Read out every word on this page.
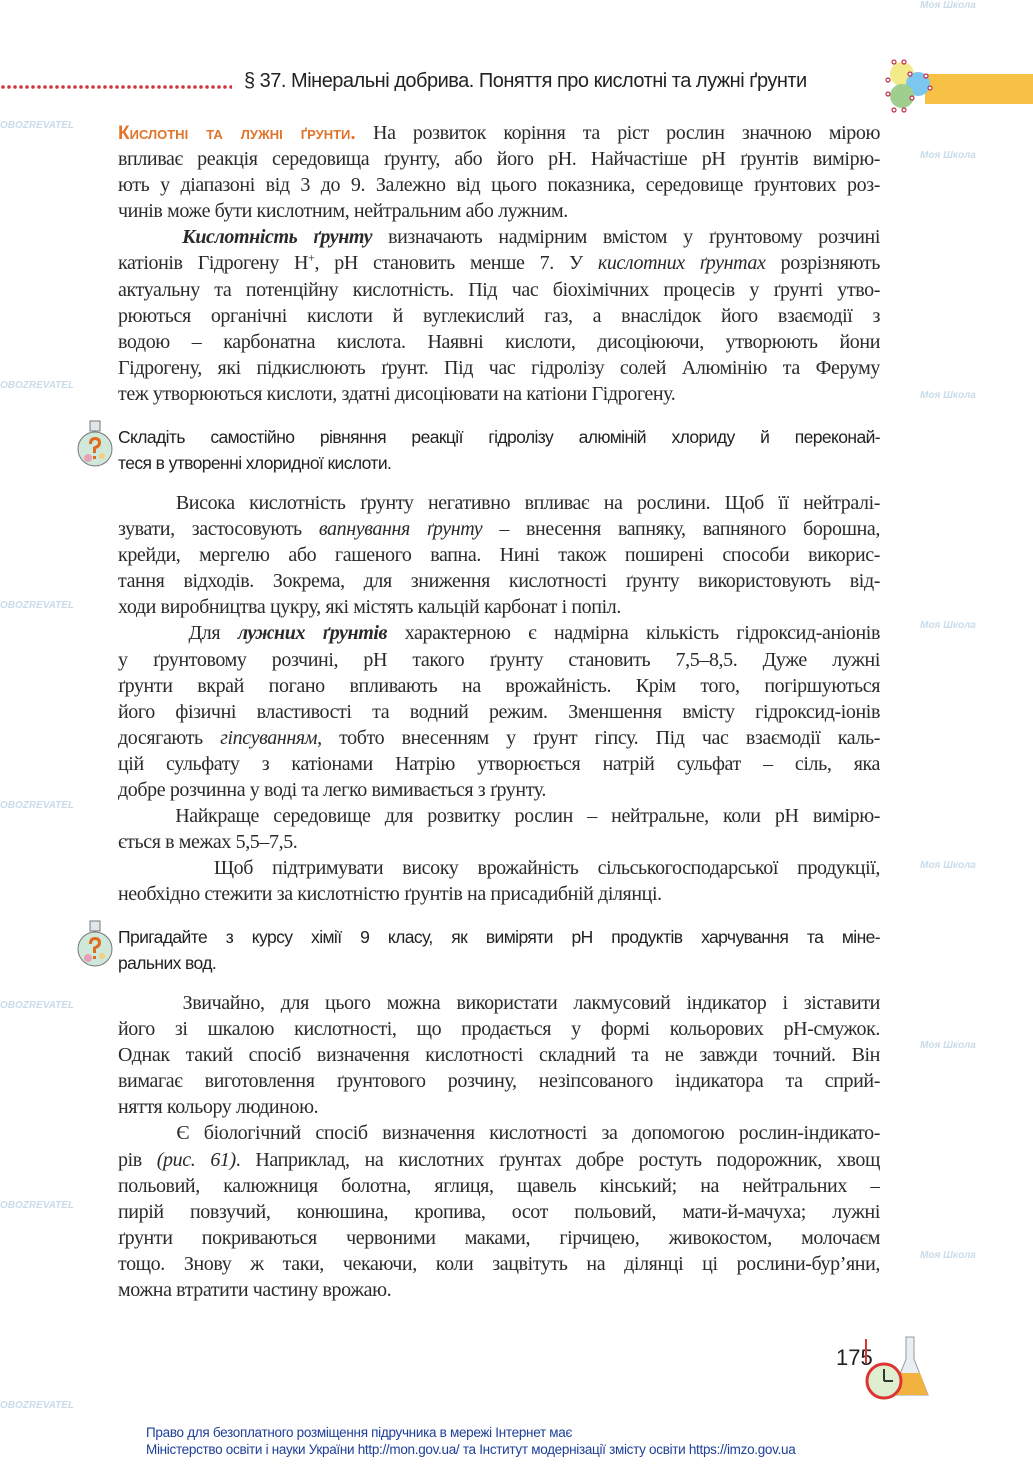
§ 37. Мінеральні добрива. Поняття про кислотні та лужні ґрунти
Кислотні та лужні ґрунти. На розвиток коріння та ріст рослин значною мірою
впливає реакція середовища ґрунту, або його pH. Найчастіше pH ґрунтів вимірю-
ють у діапазоні від 3 до 9. Залежно від цього показника, середовище ґрунтових роз-
чинів може бути кислотним, нейтральним або лужним.
Кислотність ґрунту визначають надмірним вмістом у ґрунтовому розчині
катіонів Гідрогену H+, pH становить менше 7. У кислотних ґрунтах розрізняють
актуальну та потенційну кислотність. Під час біохімічних процесів у ґрунті утво-
рюються органічні кислоти й вуглекислий газ, а внаслідок його взаємодії з
водою – карбонатна кислота. Наявні кислоти, дисоціюючи, утворюють йони
Гідрогену, які підкислюють ґрунт. Під час гідролізу солей Алюмінію та Феруму
теж утворюються кислоти, здатні дисоціювати на катіони Гідрогену.
Складіть самостійно рівняння реакції гідролізу алюміній хлориду й переконай-
теся в утворенні хлоридної кислоти.
Висока кислотність ґрунту негативно впливає на рослини. Щоб її нейтралі-
зувати, застосовують вапнування ґрунту – внесення вапняку, вапняного борошна,
крейди, мергелю або гашеного вапна. Нині також поширені способи викорис-
тання відходів. Зокрема, для зниження кислотності ґрунту використовують від-
ходи виробництва цукру, які містять кальцій карбонат і попіл.
Для лужних ґрунтів характерною є надмірна кількість гідроксид-аніонів
у ґрунтовому розчині, pH такого ґрунту становить 7,5–8,5. Дуже лужні
ґрунти вкрай погано впливають на врожайність. Крім того, погіршуються
його фізичні властивості та водний режим. Зменшення вмісту гідроксид-іонів
досягають гіпсуванням, тобто внесенням у ґрунт гіпсу. Під час взаємодії каль-
цій сульфату з катіонами Натрію утворюється натрій сульфат – сіль, яка
добре розчинна у воді та легко вимивається з ґрунту.
Найкраще середовище для розвитку рослин – нейтральне, коли pH вимірю-
ється в межах 5,5–7,5.
Щоб підтримувати високу врожайність сільськогосподарської продукції,
необхідно стежити за кислотністю ґрунтів на присадибній ділянці.
Пригадайте з курсу хімії 9 класу, як виміряти pH продуктів харчування та міне-
ральних вод.
Звичайно, для цього можна використати лакмусовий індикатор і зіставити
його зі шкалою кислотності, що продається у формі кольорових pH-смужок.
Однак такий спосіб визначення кислотності складний та не завжди точний. Він
вимагає виготовлення ґрунтового розчину, незіпсованого індикатора та сприй-
няття кольору людиною.
Є біологічний спосіб визначення кислотності за допомогою рослин-індикато-
рів (рис. 61). Наприклад, на кислотних ґрунтах добре ростуть подорожник, хвощ
польовий, калюжниця болотна, яглиця, щавель кінський; на нейтральних –
пирій повзучий, конюшина, кропива, осот польовий, мати-й-мачуха; лужні
ґрунти покриваються червоними маками, гірчицею, живокостом, молочаєм
тощо. Знову ж таки, чекаючи, коли зацвітуть на ділянці ці рослини-бур’яни,
можна втратити частину врожаю.
175
Право для безоплатного розміщення підручника в мережі Інтернет має
Міністерство освіти і науки України http://mon.gov.ua/ та Інститут модернізації змісту освіти https://imzo.gov.ua
Моя Школа
OBOZREVATEL
Моя Школа
OBOZREVATEL
Моя Школа
OBOZREVATEL
Моя Школа
OBOZREVATEL
Моя Школа
OBOZREVATEL
Моя Школа
OBOZREVATEL
Моя Школа
OBOZREVATEL
